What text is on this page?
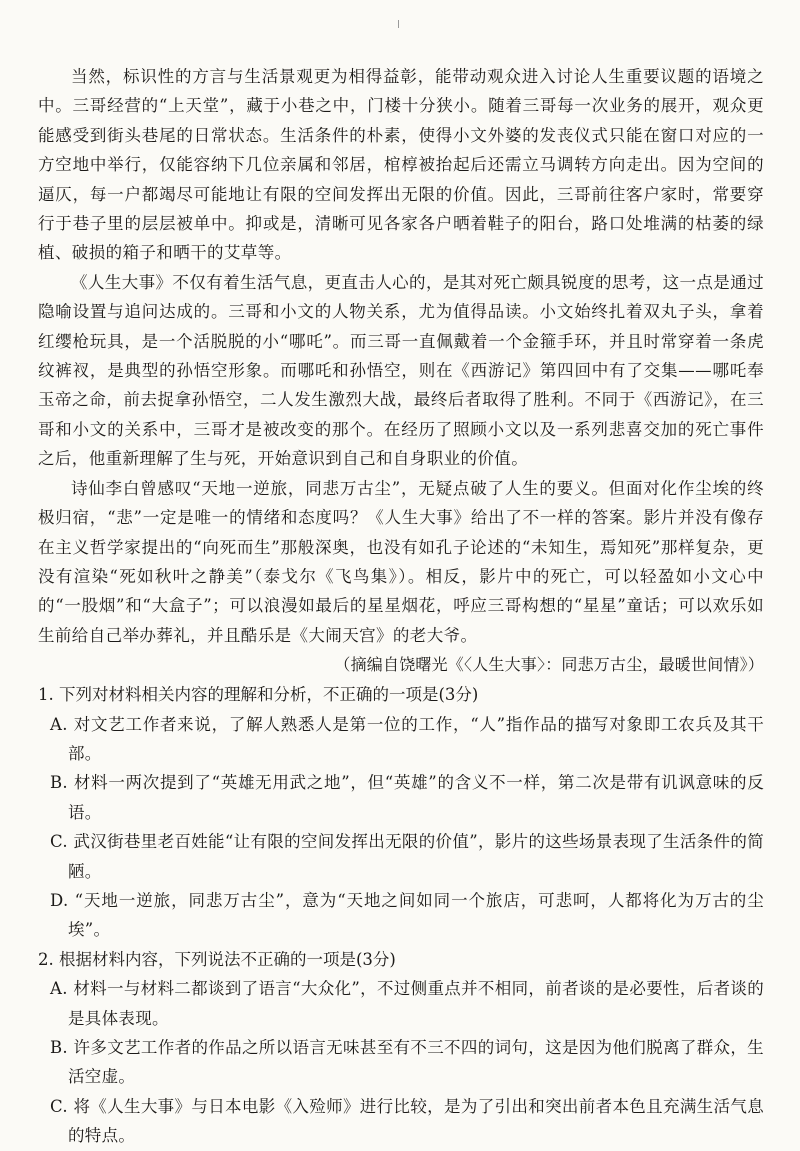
当然，标识性的方言与生活景观更为相得益彰，能带动观众进入讨论人生重要议题的语境之中。三哥经营的“上天堂”，藏于小巷之中，门楼十分狭小。随着三哥每一次业务的展开，观众更能感受到街头巷尾的日常状态。生活条件的朴素，使得小文外婆的发丧仪式只能在窗口对应的一方空地中举行，仅能容纳下几位亲属和邻居，棺椁被抬起后还需立马调转方向走出。因为空间的逼仄，每一户都竭尽可能地让有限的空间发挥出无限的价值。因此，三哥前往客户家时，常要穿行于巷子里的层层被单中。抑或是，清晰可见各家各户晒着鞋子的阳台，路口处堆满的枯萎的绿植、破损的箱子和晒干的艾草等。

《人生大事》不仅有着生活气息，更直击人心的，是其对死亡颇具锐度的思考，这一点是通过隐喻设置与追问达成的。三哥和小文的人物关系，尤为值得品读。小文始终扎着双丸子头，拿着红缨枪玩具，是一个活脱脱的小“哪吒”。而三哥一直佩戴着一个金箍手环，并且时常穿着一条虎纹裤衩，是典型的孙悟空形象。而哪吒和孙悟空，则在《西游记》第四回中有了交集——哪吒奉玉帝之命，前去捉拿孙悟空，二人发生激烈大战，最终后者取得了胜利。不同于《西游记》，在三哥和小文的关系中，三哥才是被改变的那个。在经历了照顾小文以及一系列悲喜交加的死亡事件之后，他重新理解了生与死，开始意识到自己和自身职业的价值。

诗仙李白曾感叹“天地一逆旅，同悲万古尘”，无疑点破了人生的要义。但面对化作尘埃的终极归宿，“悲”一定是唯一的情绪和态度吗？《人生大事》给出了不一样的答案。影片并没有像存在主义哲学家提出的“向死而生”那般深奥，也没有如孔子论述的“未知生，焉知死”那样复杂，更没有渲染“死如秋叶之静美”（泰戈尔《飞鸟集》）。相反，影片中的死亡，可以轻盈如小文心中的“一股烟”和“大盒子”；可以浪漫如最后的星星烟花，呼应三哥构想的“星星”童话；可以欢乐如生前给自己举办葬礼，并且酷乐是《大闹天宫》的老大爷。

（摘编自饶曙光《〈人生大事〉：同悲万古尘，最暖世间情》）

1. 下列对材料相关内容的理解和分析，不正确的一项是(3分)

A. 对文艺工作者来说，了解人熟悉人是第一位的工作，“人”指作品的描写对象即工农兵及其干部。

B. 材料一两次提到了“英雄无用武之地”，但“英雄”的含义不一样，第二次是带有讥讽意味的反语。

C. 武汉街巷里老百姓能“让有限的空间发挥出无限的价值”，影片的这些场景表现了生活条件的简陋。

D. “天地一逆旅，同悲万古尘”，意为“天地之间如同一个旅店，可悲呵，人都将化为万古的尘埃”。

2. 根据材料内容，下列说法不正确的一项是(3分)

A. 材料一与材料二都谈到了语言“大众化”，不过侧重点并不相同，前者谈的是必要性，后者谈的是具体表现。

B. 许多文艺工作者的作品之所以语言无味甚至有不三不四的词句，这是因为他们脱离了群众，生活空虚。

C. 将《人生大事》与日本电影《入殓师》进行比较，是为了引出和突出前者本色且充满生活气息的特点。
